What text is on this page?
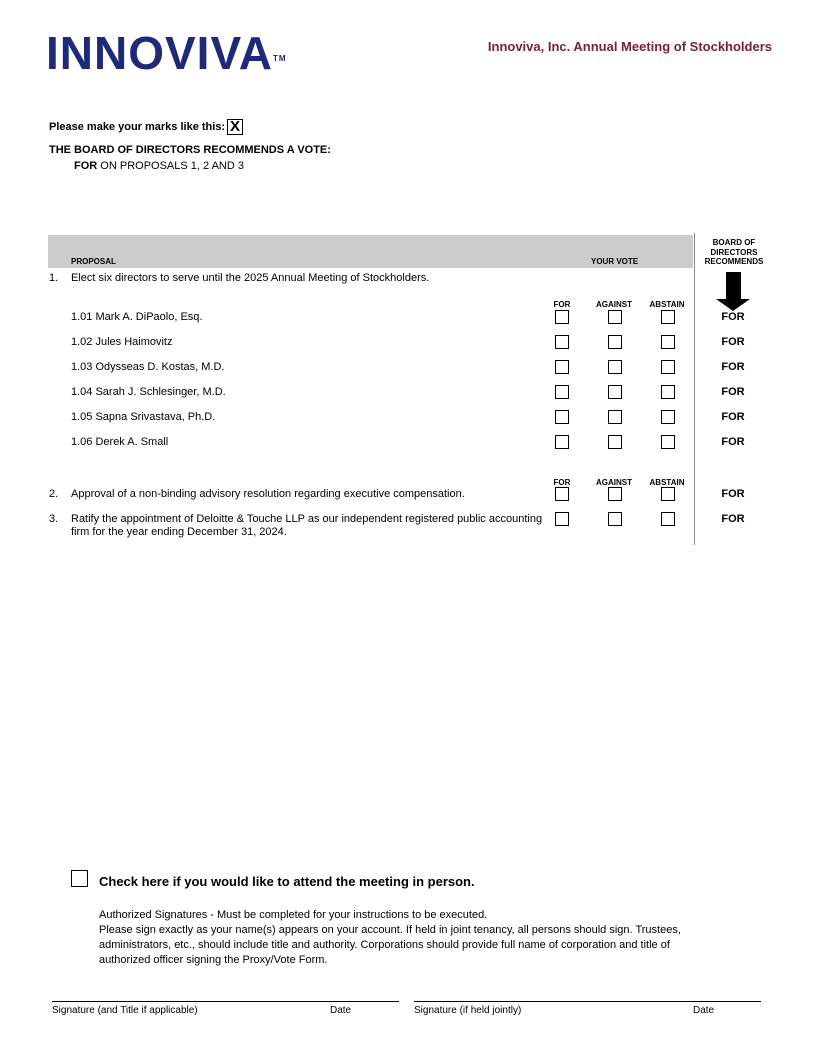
INNOVIVA™
Innoviva, Inc. Annual Meeting of Stockholders
Please make your marks like this: X
THE BOARD OF DIRECTORS RECOMMENDS A VOTE:
FOR ON PROPOSALS 1, 2 AND 3
PROPOSAL	YOUR VOTE
BOARD OF
DIRECTORS
RECOMMENDS
1. Elect six directors to serve until the 2025 Annual Meeting of Stockholders.
FOR	AGAINST	ABSTAIN
1.01 Mark A. DiPaolo, Esq.	FOR
1.02 Jules Haimovitz	FOR
1.03 Odysseas D. Kostas, M.D.	FOR
1.04 Sarah J. Schlesinger, M.D.	FOR
1.05 Sapna Srivastava, Ph.D.	FOR
1.06 Derek A. Small	FOR
FOR	AGAINST	ABSTAIN
2. Approval of a non-binding advisory resolution regarding executive compensation.	FOR
3. Ratify the appointment of Deloitte & Touche LLP as our independent registered public accounting
firm for the year ending December 31, 2024.
FOR
Check here if you would like to attend the meeting in person.
Authorized Signatures - Must be completed for your instructions to be executed.
Please sign exactly as your name(s) appears on your account. If held in joint tenancy, all persons should sign. Trustees, administrators, etc., should include title and authority. Corporations should provide full name of corporation and title of authorized officer signing the Proxy/Vote Form.
Signature (and Title if applicable)	Date	Signature (if held jointly)	Date
